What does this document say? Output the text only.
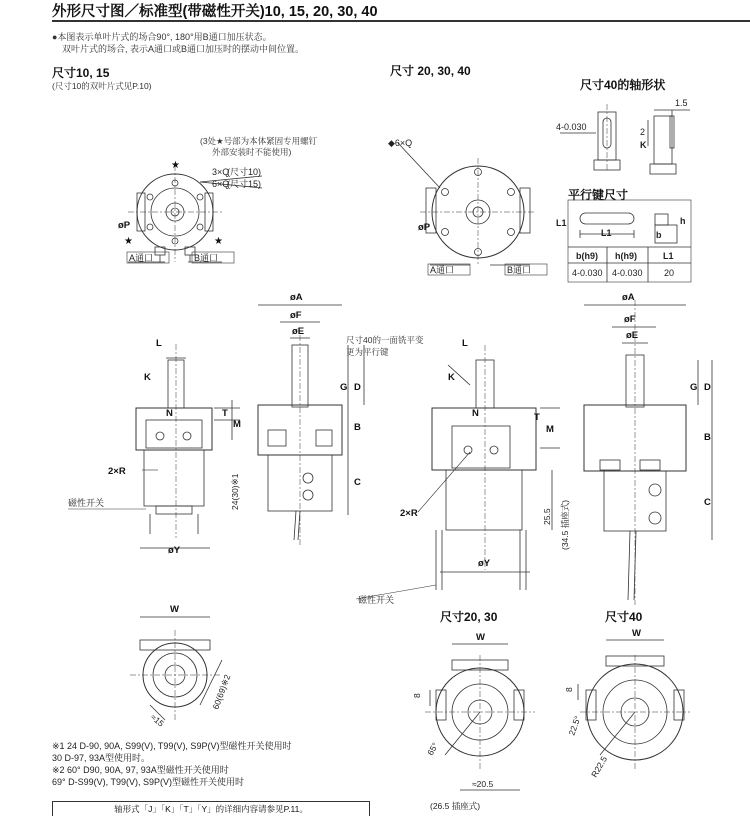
外形尺寸图／标准型(带磁性开关)10, 15, 20, 30, 40
●本图表示单叶片式的场合90°, 180°用B通口加压状态。
双叶片式的场合, 表示A通口或B通口加压时的摆动中间位置。
尺寸10, 15
(尺寸10的双叶片式见P.10)
尺寸 20, 30, 40
尺寸40的轴形状
平行键尺寸
尺寸20, 30	尺寸40
(3处★号部为本体紧固专用螺钉
外部安装时不能使用)
尺寸40的一面铣平变
更为平行键
★
★	★
3×Q
(尺寸10)
6×Q
(尺寸15)
◆6×Q
A通口	B通口
A通口	B通口
磁性开关
磁性开关
L1
L1	b
h
b(h9) h(h9)	L1
4-0.030 4-0.030 20
4-0.030
1.5
2
K
øP	øP
øA
øF
øE
L
K
N	T
M
G D
B
C
2×R
øY
øA
øF
øE
L
K
N	T
M
G D
B
C
2×R
øY
W
W	W
24(30)※1
25.5 (34.5 插座式)
60(69)※2
≈15
65°
≈20.5
(26.5 插座式)
8
8
22.5°
R22.5
※1 24 D-90, 90A, S99(V), T99(V), S9P(V)型磁性开关使用时
30 D-97, 93A型使用时。
※2 60° D90, 90A, 97, 93A型磁性开关使用时
69° D-S99(V), T99(V), S9P(V)型磁性开关使用时
轴形式「J」「K」「T」「Y」的详细内容请参见P.11。
